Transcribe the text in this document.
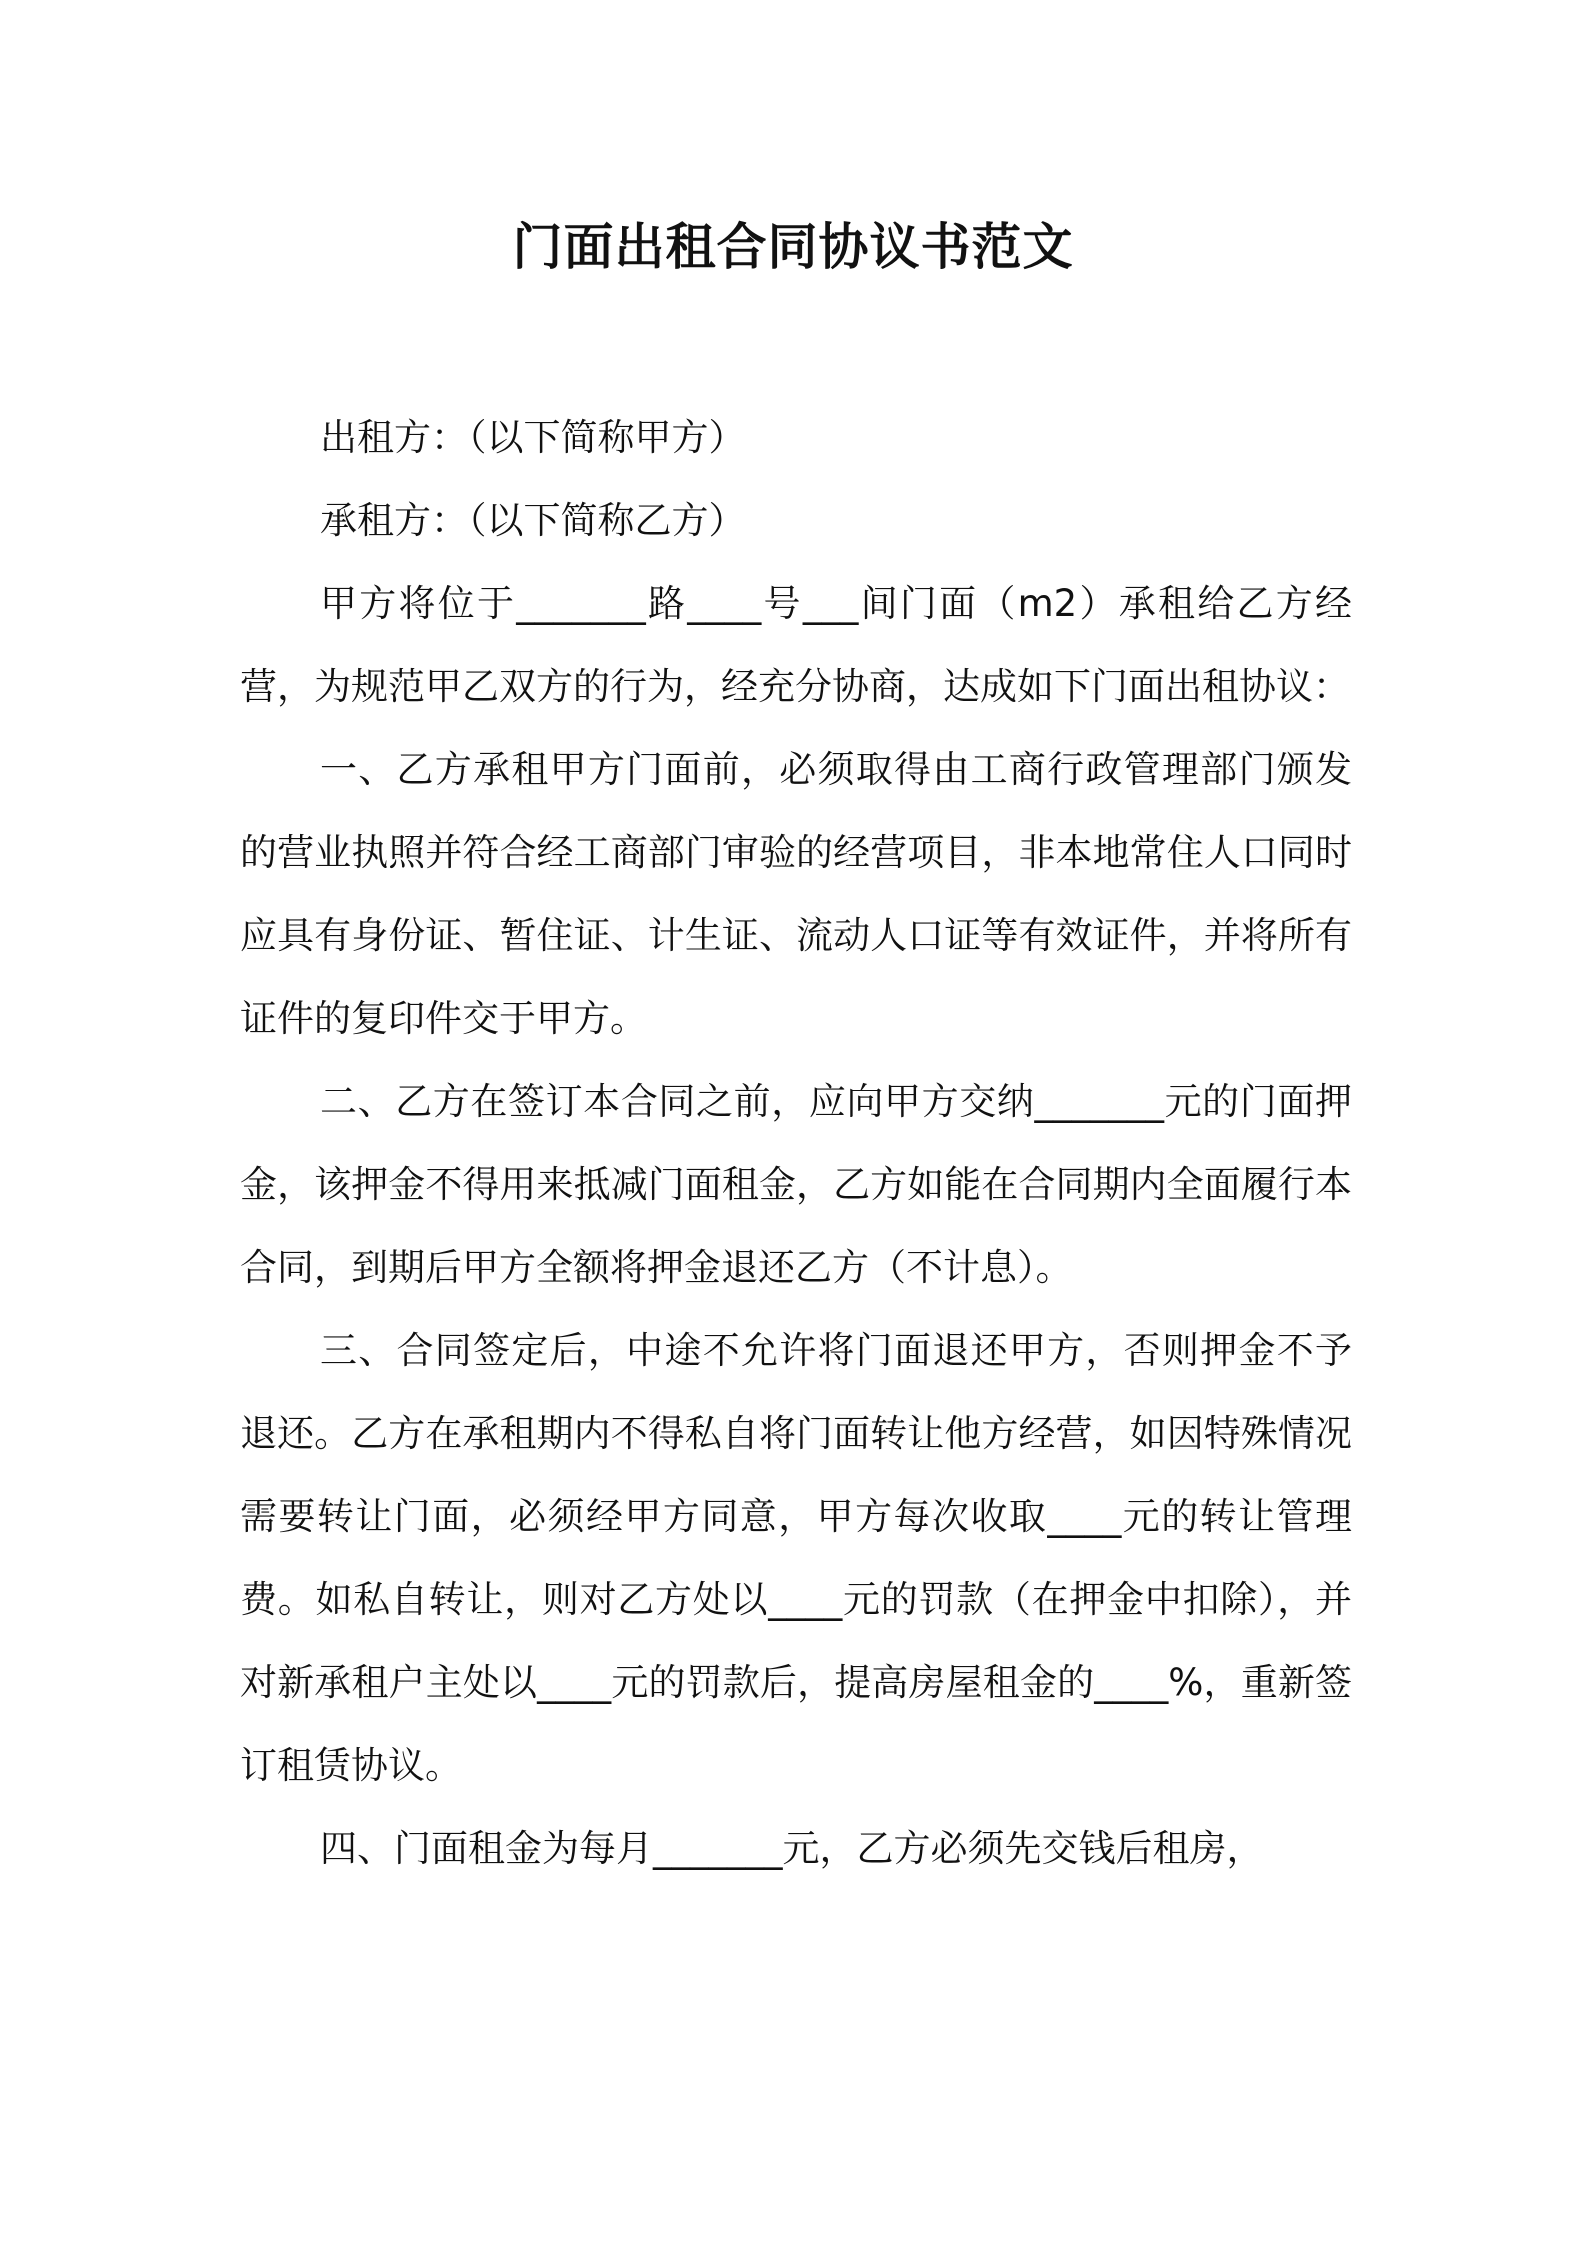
门面出租合同协议书范文

出租方：（以下简称甲方）

承租方：（以下简称乙方）

甲方将位于_______路____号___间门面（m2）承租给乙方经营，为规范甲乙双方的行为，经充分协商，达成如下门面出租协议：

一、乙方承租甲方门面前，必须取得由工商行政管理部门颁发的营业执照并符合经工商部门审验的经营项目，非本地常住人口同时应具有身份证、暂住证、计生证、流动人口证等有效证件，并将所有证件的复印件交于甲方。

二、乙方在签订本合同之前，应向甲方交纳_______元的门面押金，该押金不得用来抵减门面租金，乙方如能在合同期内全面履行本合同，到期后甲方全额将押金退还乙方（不计息）。

三、合同签定后，中途不允许将门面退还甲方，否则押金不予退还。乙方在承租期内不得私自将门面转让他方经营，如因特殊情况需要转让门面，必须经甲方同意，甲方每次收取____元的转让管理费。如私自转让，则对乙方处以____元的罚款（在押金中扣除），并对新承租户主处以____元的罚款后，提高房屋租金的____%，重新签订租赁协议。

四、门面租金为每月_______元，乙方必须先交钱后租房，
